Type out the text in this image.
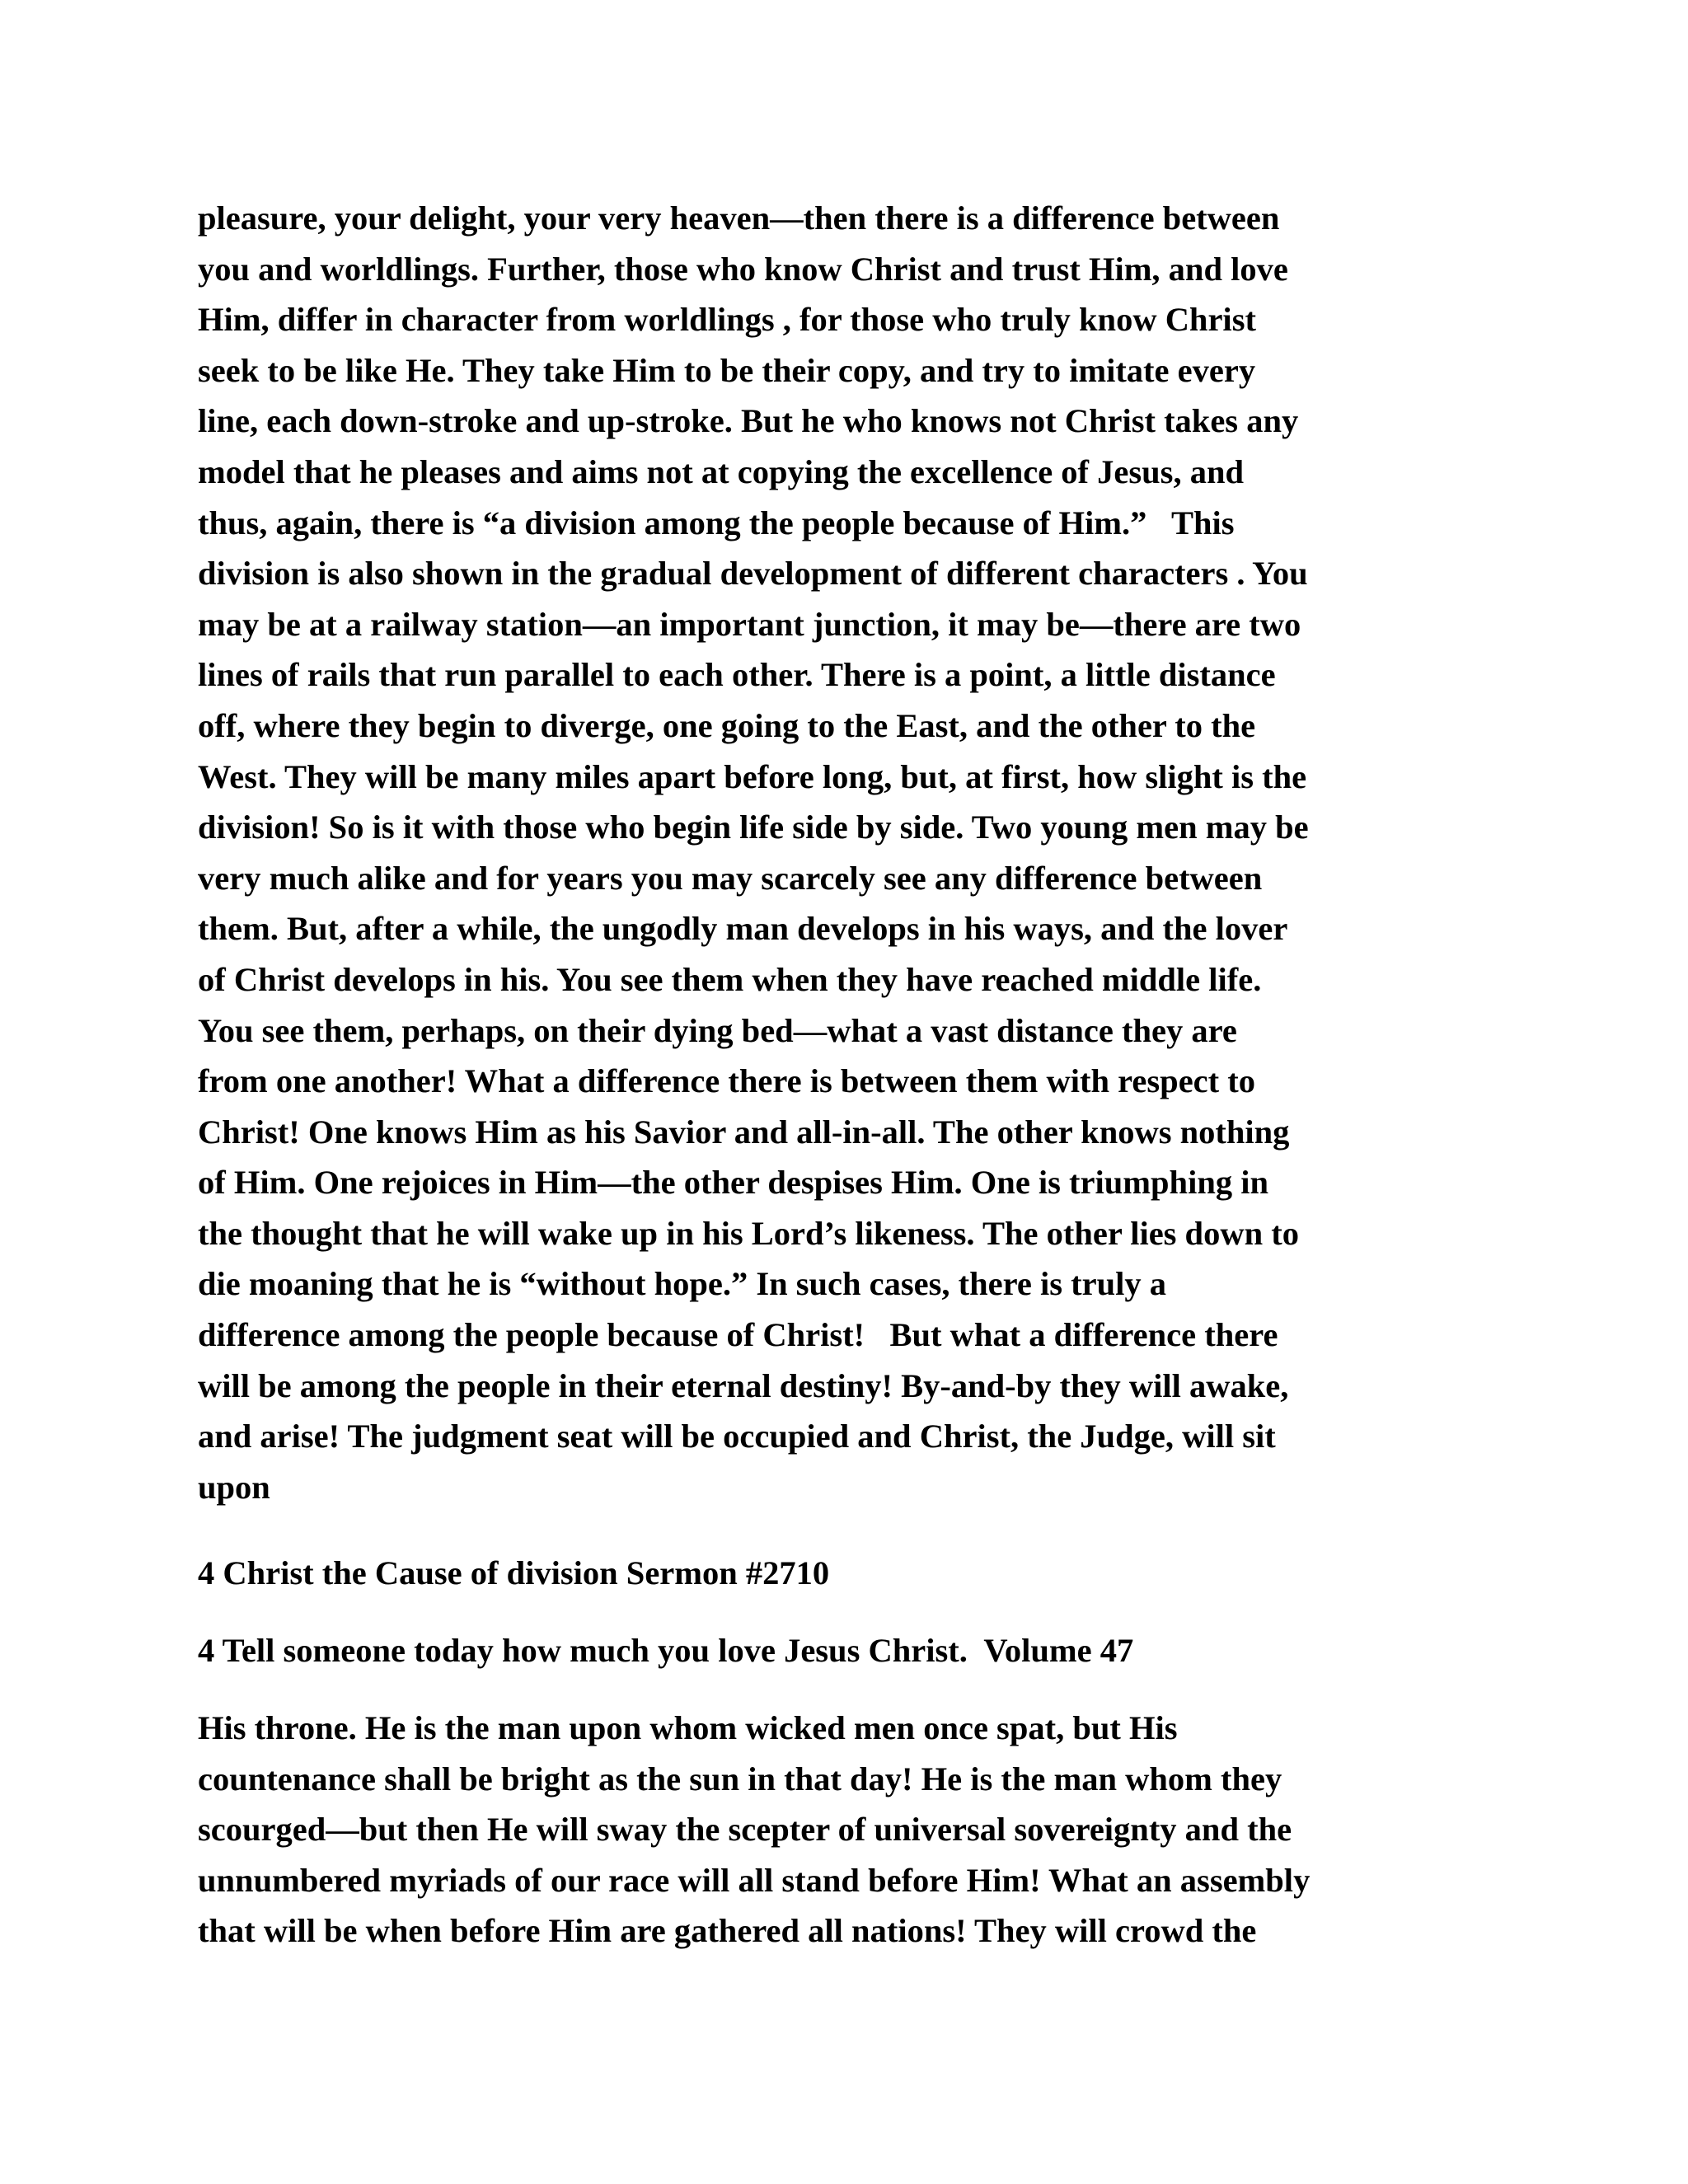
pleasure, your delight, your very heaven—then there is a difference between
you and worldlings. Further, those who know Christ and trust Him, and love
Him, differ in character from worldlings , for those who truly know Christ
seek to be like He. They take Him to be their copy, and try to imitate every
line, each down-stroke and up-stroke. But he who knows not Christ takes any
model that he pleases and aims not at copying the excellence of Jesus, and
thus, again, there is “a division among the people because of Him.”   This
division is also shown in the gradual development of different characters . You
may be at a railway station—an important junction, it may be—there are two
lines of rails that run parallel to each other. There is a point, a little distance
off, where they begin to diverge, one going to the East, and the other to the
West. They will be many miles apart before long, but, at first, how slight is the
division! So is it with those who begin life side by side. Two young men may be
very much alike and for years you may scarcely see any difference between
them. But, after a while, the ungodly man develops in his ways, and the lover
of Christ develops in his. You see them when they have reached middle life.
You see them, perhaps, on their dying bed—what a vast distance they are
from one another! What a difference there is between them with respect to
Christ! One knows Him as his Savior and all-in-all. The other knows nothing
of Him. One rejoices in Him—the other despises Him. One is triumphing in
the thought that he will wake up in his Lord’s likeness. The other lies down to
die moaning that he is “without hope.” In such cases, there is truly a
difference among the people because of Christ!   But what a difference there
will be among the people in their eternal destiny! By-and-by they will awake,
and arise! The judgment seat will be occupied and Christ, the Judge, will sit
upon
4 Christ the Cause of division Sermon #2710
4 Tell someone today how much you love Jesus Christ.  Volume 47
His throne. He is the man upon whom wicked men once spat, but His
countenance shall be bright as the sun in that day! He is the man whom they
scourged—but then He will sway the scepter of universal sovereignty and the
unnumbered myriads of our race will all stand before Him! What an assembly
that will be when before Him are gathered all nations! They will crowd the
